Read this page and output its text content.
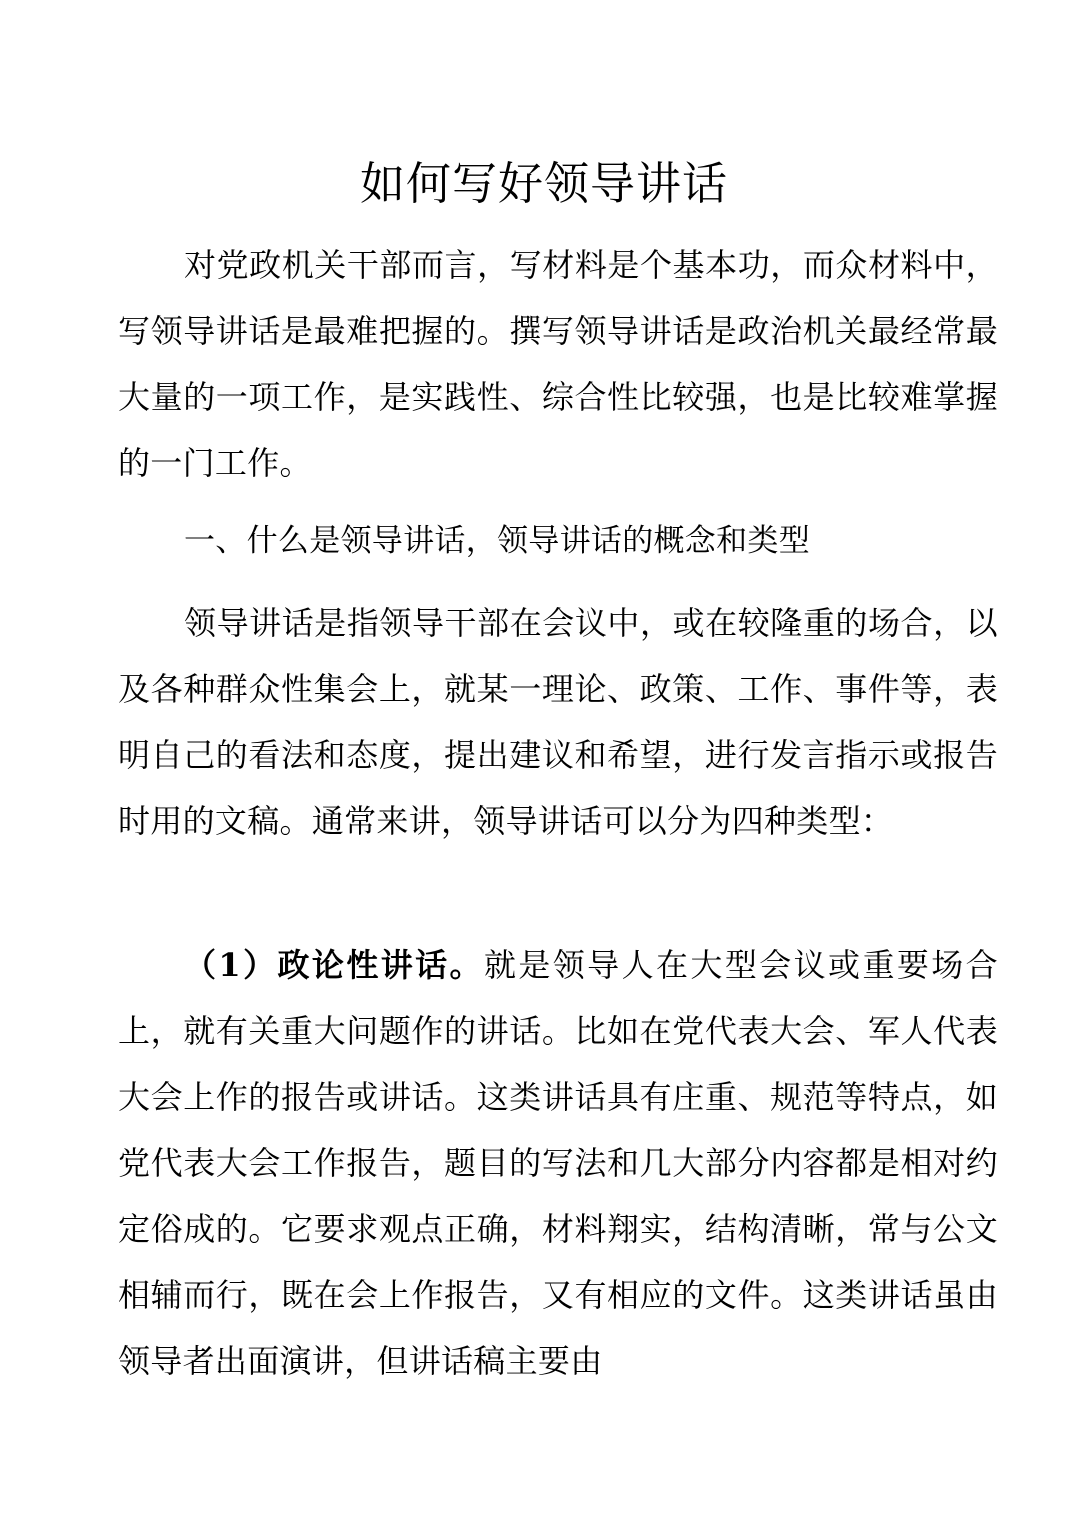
如何写好领导讲话

对党政机关干部而言，写材料是个基本功，而众材料中，写领导讲话是最难把握的。撰写领导讲话是政治机关最经常最大量的一项工作，是实践性、综合性比较强，也是比较难掌握的一门工作。

一、什么是领导讲话，领导讲话的概念和类型

领导讲话是指领导干部在会议中，或在较隆重的场合，以及各种群众性集会上，就某一理论、政策、工作、事件等，表明自己的看法和态度，提出建议和希望，进行发言指示或报告时用的文稿。通常来讲，领导讲话可以分为四种类型：

（1）政论性讲话。就是领导人在大型会议或重要场合上，就有关重大问题作的讲话。比如在党代表大会、军人代表大会上作的报告或讲话。这类讲话具有庄重、规范等特点，如党代表大会工作报告，题目的写法和几大部分内容都是相对约定俗成的。它要求观点正确，材料翔实，结构清晰，常与公文相辅而行，既在会上作报告，又有相应的文件。这类讲话虽由领导者出面演讲，但讲话稿主要由
